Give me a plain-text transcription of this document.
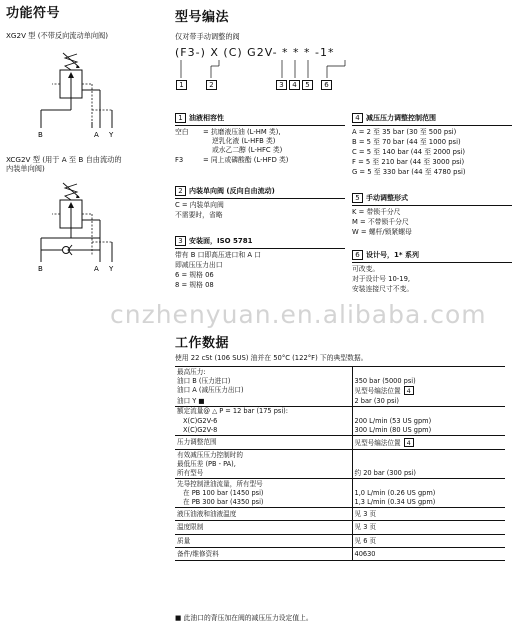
功能符号
XG2V 型 (不带反向流动单向阀)
B	A Y
XCG2V 型 (用于 A 至 B 自由流动的
内装单向阀)
B	A Y
型号编法
仅对带手动调整的阀
(F3-) X (C) G2V- * * * -1*
1	2	3	4	5	6
1 油液相容性
空白 = 抗磨液压油 (L-HM 类),
逆乳化液 (L-HFB 类)
或水乙二醇 (L-HFC 类)
F3	= 同上或磷酸酯 (L-HFD 类)
2 内装单向阀 (反向自由流动)
C = 内装单向阀
不需要时，省略
3 安装面，ISO 5781
带有 B 口即高压进口和 A 口
即减压压力出口
6 = 规格 06
8 = 规格 08
4 减压压力调整控制范围
A = 2 至 35 bar (30 至 500 psi)
B = 5 至 70 bar (44 至 1000 psi)
C = 5 至 140 bar (44 至 2000 psi)
F = 5 至 210 bar (44 至 3000 psi)
G = 5 至 330 bar (44 至 4780 psi)
5 手动调整形式
K = 带锁千分尺
M = 不带锁千分尺
W = 螺杆/锁紧螺母
6 设计号，1* 系列
可改变。
对于设计号 10-19,
安装连接尺寸不变。
cnzhenyuan.en.alibaba.com
工作数据
使用 22 cSt (106 SUS) 油并在 50°C (122°F) 下的典型数据。
最高压力:	
油口 B (压力进口)	350 bar (5000 psi)
油口 A (减压压力出口)	见型号编法位置 4
油口 Y ■	2 bar (30 psi)
额定流量@ △ P = 12 bar (175 psi):	
X(C)G2V-6	200 L/min (53 US gpm)
X(C)G2V-8	300 L/min (80 US gpm)
压力调整范围	见型号编法位置 4
有效减压压力控制时的	
最低压差 (PB - PA),	
所有型号	约 20 bar (300 psi)
先导控制泄油流量，所有型号	
在 PB 100 bar (1450 psi)	1,0 L/min (0.26 US gpm)
在 PB 300 bar (4350 psi)	1,3 L/min (0.34 US gpm)
液压油液和油液温度	见 3 页
温度限制	见 3 页
质量	见 6 页
备件/维修资料	40630
■ 此油口的背压加在阀的减压压力设定值上。
